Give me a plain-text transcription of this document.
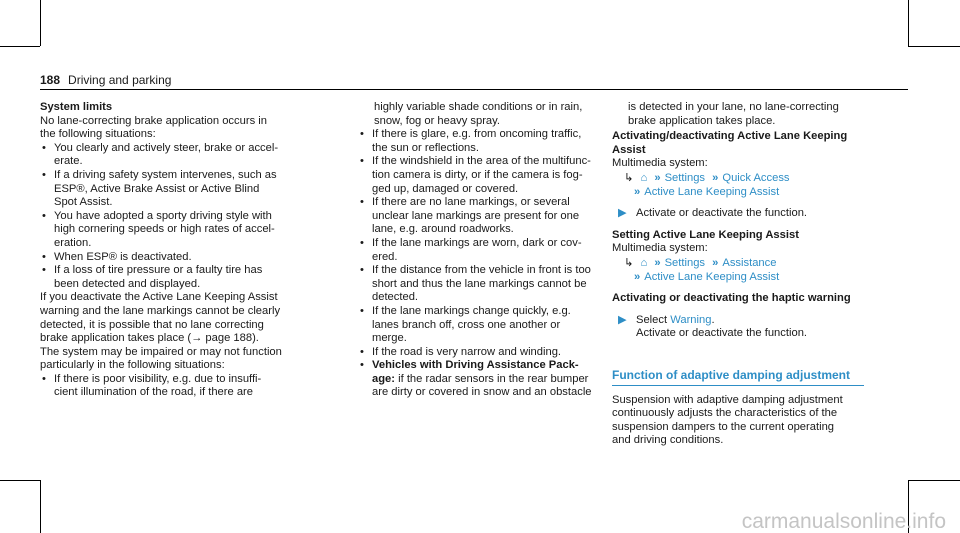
188 Driving and parking

System limits

No lane-correcting brake application occurs in
the following situations:

• You clearly and actively steer, brake or accel-
erate.
• If a driving safety system intervenes, such as
ESP®, Active Brake Assist or Active Blind
Spot Assist.
• You have adopted a sporty driving style with
high cornering speeds or high rates of accel-
eration.
• When ESP® is deactivated.
• If a loss of tire pressure or a faulty tire has
been detected and displayed.

If you deactivate the Active Lane Keeping Assist
warning and the lane markings cannot be clearly
detected, it is possible that no lane correcting
brake application takes place (→ page 188).

The system may be impaired or may not function
particularly in the following situations:

• If there is poor visibility, e.g. due to insuffi-
cient illumination of the road, if there are

highly variable shade conditions or in rain,
snow, fog or heavy spray.

• If there is glare, e.g. from oncoming traffic,
the sun or reflections.
• If the windshield in the area of the multifunc-
tion camera is dirty, or if the camera is fog-
ged up, damaged or covered.
• If there are no lane markings, or several
unclear lane markings are present for one
lane, e.g. around roadworks.
• If the lane markings are worn, dark or cov-
ered.
• If the distance from the vehicle in front is too
short and thus the lane markings cannot be
detected.
• If the lane markings change quickly, e.g.
lanes branch off, cross one another or
merge.
• If the road is very narrow and winding.
• Vehicles with Driving Assistance Pack-
age: if the radar sensors in the rear bumper
are dirty or covered in snow and an obstacle

is detected in your lane, no lane-correcting
brake application takes place.

Activating/deactivating Active Lane Keeping
Assist

Multimedia system:

↳ ⌂ » Settings » Quick Access
» Active Lane Keeping Assist
▶ Activate or deactivate the function.

Setting Active Lane Keeping Assist

Multimedia system:

↳ ⌂ » Settings » Assistance
» Active Lane Keeping Assist

Activating or deactivating the haptic warning

▶ Select Warning.
Activate or deactivate the function.

Function of adaptive damping adjustment

Suspension with adaptive damping adjustment
continuously adjusts the characteristics of the
suspension dampers to the current operating
and driving conditions.

carmanualsonline.info
